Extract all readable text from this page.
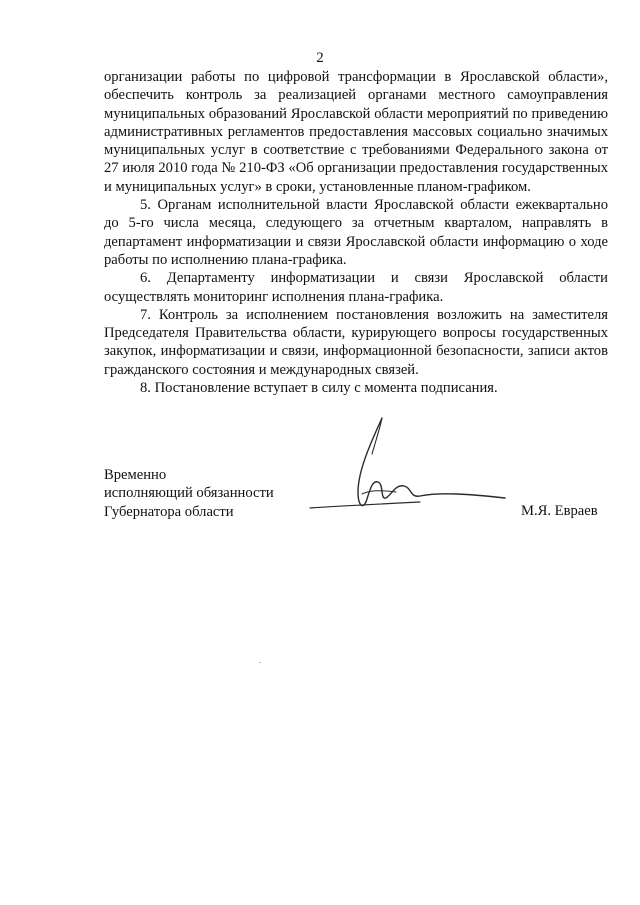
2

организации работы по цифровой трансформации в Ярославской области», обеспечить контроль за реализацией органами местного самоуправления муниципальных образований Ярославской области мероприятий по приведению административных регламентов предоставления массовых социально значимых муниципальных услуг в соответствие с требованиями Федерального закона от 27 июля 2010 года № 210-ФЗ «Об организации предоставления государственных и муниципальных услуг» в сроки, установленные планом-графиком.

5. Органам исполнительной власти Ярославской области ежеквартально до 5-го числа месяца, следующего за отчетным кварталом, направлять в департамент информатизации и связи Ярославской области информацию о ходе работы по исполнению плана-графика.

6. Департаменту информатизации и связи Ярославской области осуществлять мониторинг исполнения плана-графика.

7. Контроль за исполнением постановления возложить на заместителя Председателя Правительства области, курирующего вопросы государственных закупок, информатизации и связи, информационной безопасности, записи актов гражданского состояния и международных связей.

8. Постановление вступает в силу с момента подписания.

Временно
исполняющий обязанности
Губернатора области	М.Я. Евраев
